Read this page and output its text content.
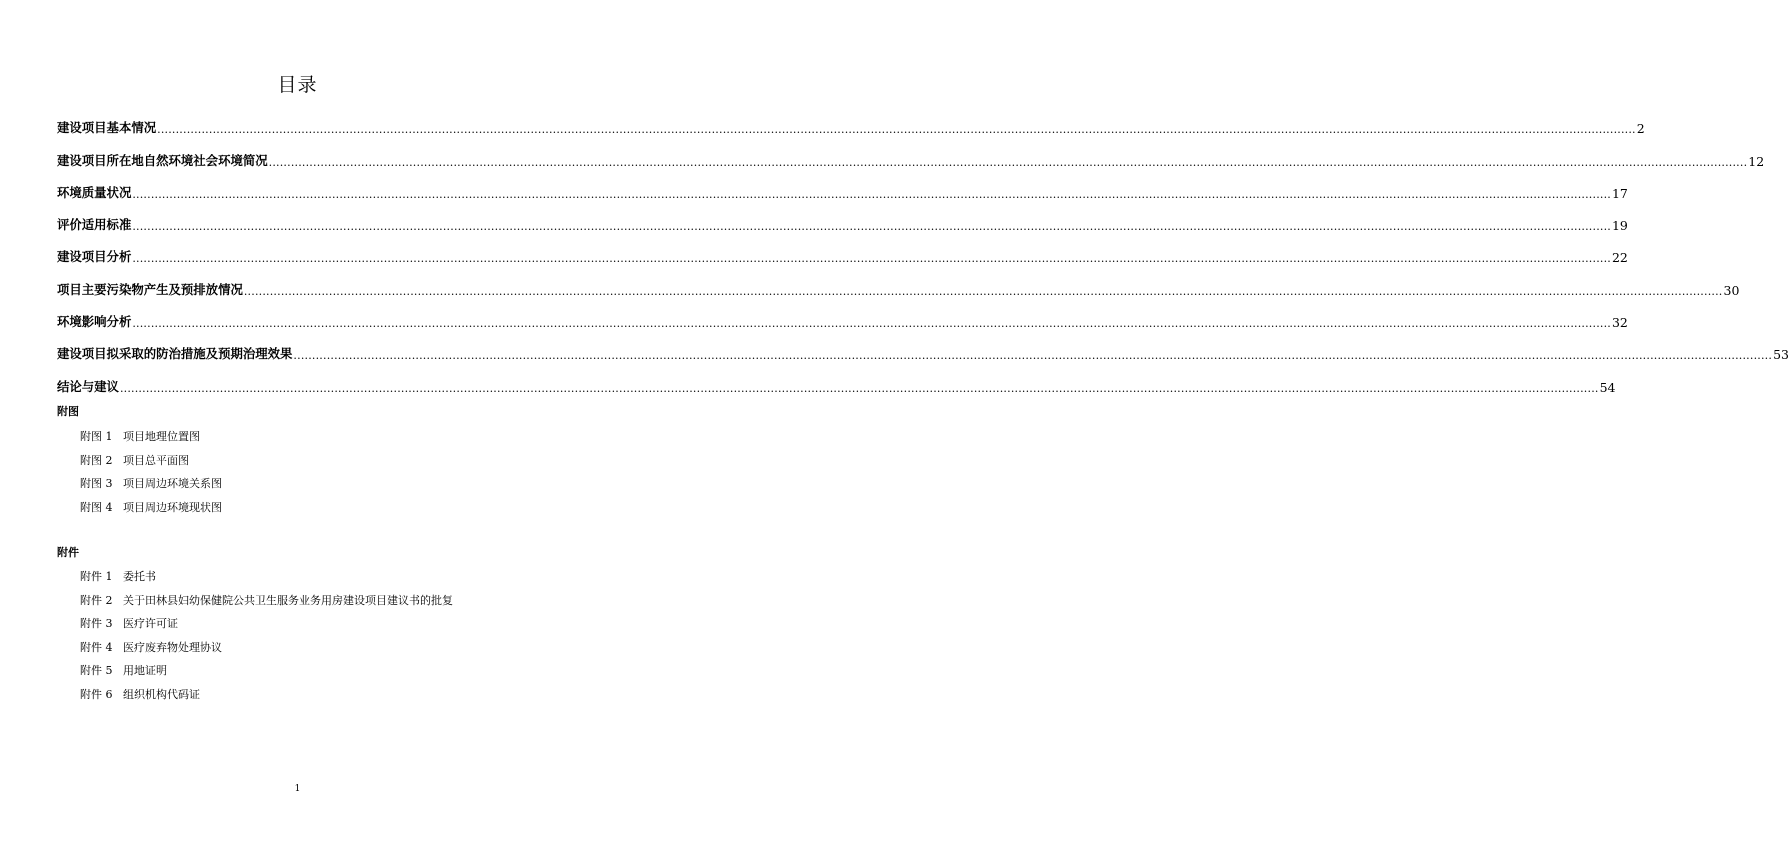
目录
建设项目基本情况 ................................................................................................................................................................................................................................................................................................................................................................................................................ 2
建设项目所在地自然环境社会环境简况 ................................................................................................................................................................................................................................................................................................................................................................................................................ 12
环境质量状况 ................................................................................................................................................................................................................................................................................................................................................................................................................ 17
评价适用标准 ................................................................................................................................................................................................................................................................................................................................................................................................................ 19
建设项目分析 ................................................................................................................................................................................................................................................................................................................................................................................................................ 22
项目主要污染物产生及预排放情况 ................................................................................................................................................................................................................................................................................................................................................................................................................ 30
环境影响分析 ................................................................................................................................................................................................................................................................................................................................................................................................................ 32
建设项目拟采取的防治措施及预期治理效果 ................................................................................................................................................................................................................................................................................................................................................................................................................ 53
结论与建议 ................................................................................................................................................................................................................................................................................................................................................................................................................ 54
附图
附图 1 项目地理位置图
附图 2 项目总平面图
附图 3 项目周边环境关系图
附图 4 项目周边环境现状图
附件
附件 1 委托书
附件 2 关于田林县妇幼保健院公共卫生服务业务用房建设项目建议书的批复
附件 3 医疗许可证
附件 4 医疗废弃物处理协议
附件 5 用地证明
附件 6 组织机构代码证
1
